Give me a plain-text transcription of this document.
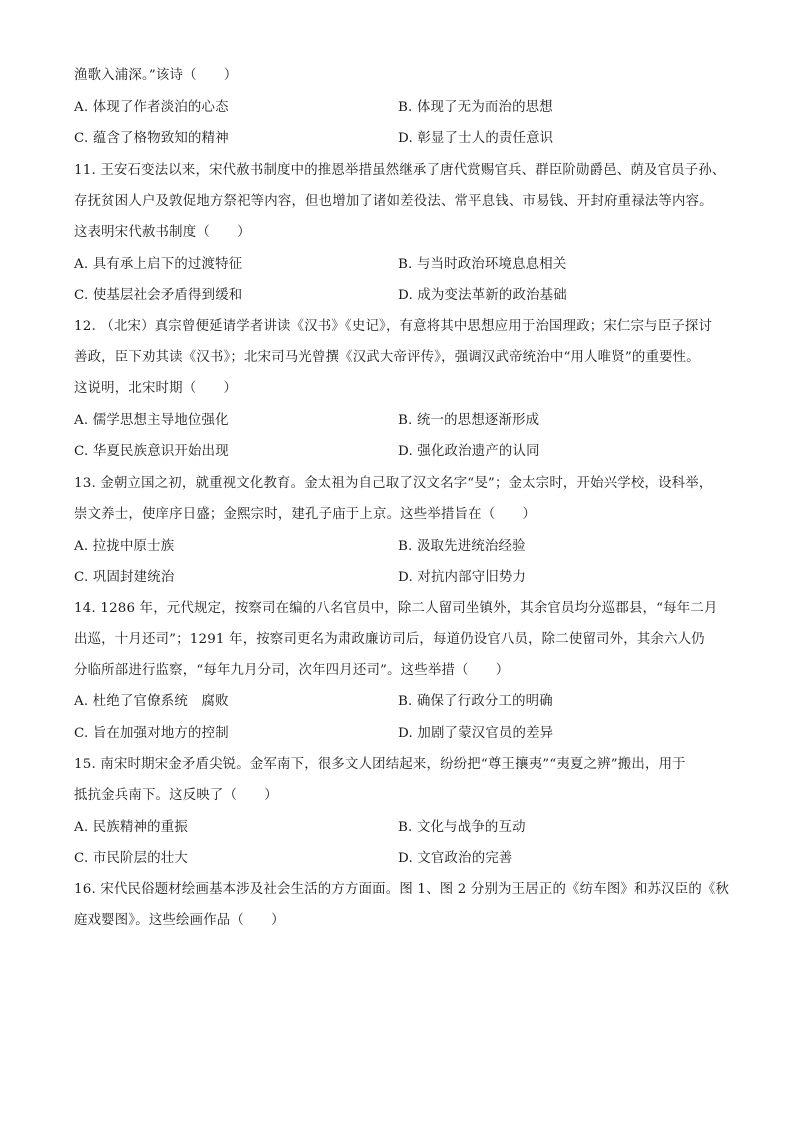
渔歌入浦深。”该诗（　　）
A. 体现了作者淡泊的心态	B. 体现了无为而治的思想
C. 蕴含了格物致知的精神	D. 彰显了士人的责任意识
11. 王安石变法以来，宋代赦书制度中的推恩举措虽然继承了唐代赏赐官兵、群臣阶勋爵邑、荫及官员子孙、
存抚贫困人户及敦促地方祭祀等内容，但也增加了诸如差役法、常平息钱、市易钱、开封府重禄法等内容。
这表明宋代赦书制度（　　）
A. 具有承上启下的过渡特征	B. 与当时政治环境息息相关
C. 使基层社会矛盾得到缓和	D. 成为变法革新的政治基础
12. （北宋）真宗曾便延请学者讲读《汉书》《史记》，有意将其中思想应用于治国理政；宋仁宗与臣子探讨
善政，臣下劝其读《汉书》；北宋司马光曾撰《汉武大帝评传》，强调汉武帝统治中“用人唯贤”的重要性。
这说明，北宋时期（　　）
A. 儒学思想主导地位强化	B. 统一的思想逐渐形成
C. 华夏民族意识开始出现	D. 强化政治遗产的认同
13. 金朝立国之初，就重视文化教育。金太祖为自己取了汉文名字“旻”；金太宗时，开始兴学校，设科举，
崇文养士，使庠序日盛；金熙宗时，建孔子庙于上京。这些举措旨在（　　）
A. 拉拢中原士族	B. 汲取先进统治经验
C. 巩固封建统治	D. 对抗内部守旧势力
14. 1286 年，元代规定，按察司在编的八名官员中，除二人留司坐镇外，其余官员均分巡郡县，“每年二月
出巡，十月还司”；1291 年，按察司更名为肃政廉访司后，每道仍设官八员，除二使留司外，其余六人仍
分临所部进行监察，“每年九月分司，次年四月还司”。这些举措（　　）
A. 杜绝了官僚系统　腐败	B. 确保了行政分工的明确
C. 旨在加强对地方的控制	D. 加剧了蒙汉官员的差异
15. 南宋时期宋金矛盾尖锐。金军南下，很多文人团结起来，纷纷把“尊王攘夷”“夷夏之辨”搬出，用于
抵抗金兵南下。这反映了（　　）
A. 民族精神的重振	B. 文化与战争的互动
C. 市民阶层的壮大	D. 文官政治的完善
16. 宋代民俗题材绘画基本涉及社会生活的方方面面。图 1、图 2 分别为王居正的《纺车图》和苏汉臣的《秋
庭戏婴图》。这些绘画作品（　　）
